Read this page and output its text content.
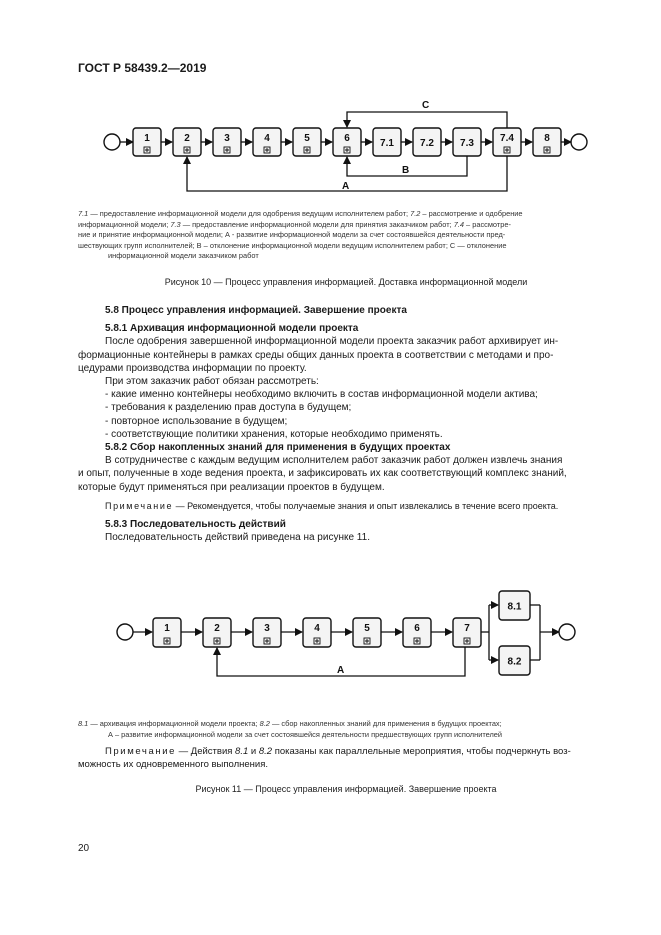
ГОСТ Р 58439.2—2019
1	2	3	4	5	6	7.1	7.2	7.3	7.4	8
C
B
A
7.1 — предоставление информационной модели для одобрения ведущим исполнителем работ; 7.2 – рассмотрение и одобрение
информационной модели; 7.3 — предоставление информационной модели для принятия заказчиком работ; 7.4 – рассмотре-
ние и принятие информационной модели; А - развитие информационной модели за счет состоявшейся деятельности пред-
шествующих групп исполнителей; В – отклонение информационной модели ведущим исполнителем работ; С — отклонение
информационной модели заказчиком работ
Рисунок 10 — Процесс управления информацией. Доставка информационной модели
5.8 Процесс управления информацией. Завершение проекта
5.8.1 Архивация информационной модели проекта
После одобрения завершенной информационной модели проекта заказчик работ архивирует ин-
формационные контейнеры в рамках среды общих данных проекта в соответствии с методами и про-
цедурами производства информации по проекту.
При этом заказчик работ обязан рассмотреть:
- какие именно контейнеры необходимо включить в состав информационной модели актива;
- требования к разделению прав доступа в будущем;
- повторное использование в будущем;
- соответствующие политики хранения, которые необходимо применять.
5.8.2 Сбор накопленных знаний для применения в будущих проектах
В сотрудничестве с каждым ведущим исполнителем работ заказчик работ должен извлечь знания
и опыт, полученные в ходе ведения проекта, и зафиксировать их как соответствующий комплекс знаний,
которые будут применяться при реализации проектов в будущем.
Примечание — Рекомендуется, чтобы получаемые знания и опыт извлекались в течение всего проекта.
5.8.3 Последовательность действий
Последовательность действий приведена на рисунке 11.
1	2	3	4	5	6	7
8.1
8.2
A
8.1 — архивация информационной модели проекта; 8.2 — сбор накопленных знаний для применения в будущих проектах;
А – развитие информационной модели за счет состоявшейся деятельности предшествующих групп исполнителей
Примечание — Действия 8.1 и 8.2 показаны как параллельные мероприятия, чтобы подчеркнуть воз-
можность их одновременного выполнения.
Рисунок 11 — Процесс управления информацией. Завершение проекта
20
